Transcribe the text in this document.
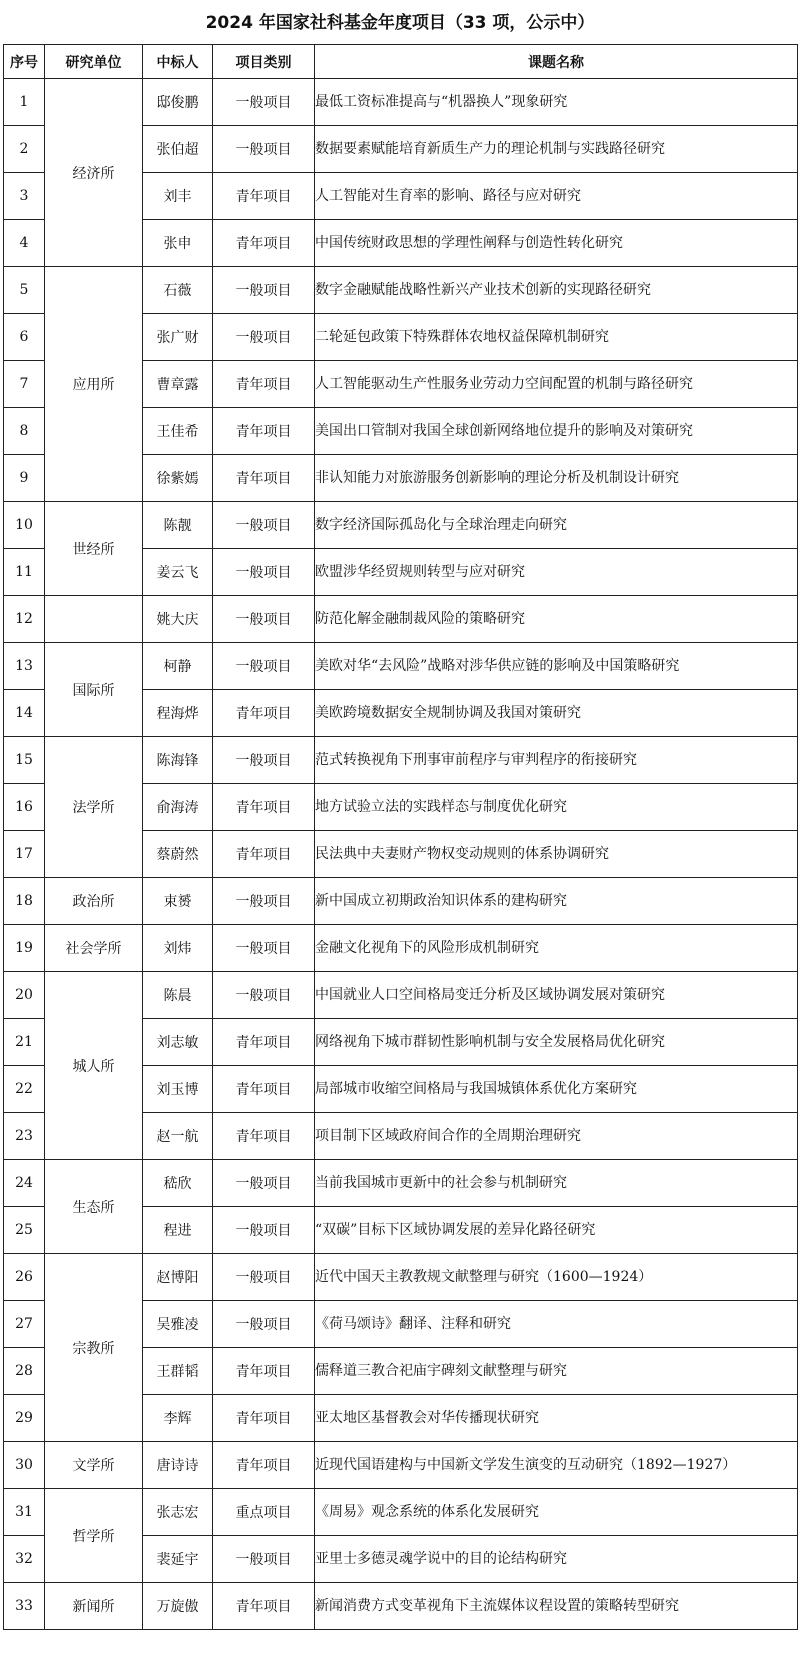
2024 年国家社科基金年度项目（33 项，公示中）
序号	研究单位	中标人	项目类别	课题名称
1	经济所	邸俊鹏	一般项目	最低工资标准提高与“机器换人”现象研究
2		张伯超	一般项目	数据要素赋能培育新质生产力的理论机制与实践路径研究
3		刘丰	青年项目	人工智能对生育率的影响、路径与应对研究
4		张申	青年项目	中国传统财政思想的学理性阐释与创造性转化研究
5	应用所	石薇	一般项目	数字金融赋能战略性新兴产业技术创新的实现路径研究
6		张广财	一般项目	二轮延包政策下特殊群体农地权益保障机制研究
7		曹章露	青年项目	人工智能驱动生产性服务业劳动力空间配置的机制与路径研究
8		王佳希	青年项目	美国出口管制对我国全球创新网络地位提升的影响及对策研究
9		徐紫嫣	青年项目	非认知能力对旅游服务创新影响的理论分析及机制设计研究
10	世经所	陈靓	一般项目	数字经济国际孤岛化与全球治理走向研究
11		姜云飞	一般项目	欧盟涉华经贸规则转型与应对研究
12		姚大庆	一般项目	防范化解金融制裁风险的策略研究
13	国际所	柯静	一般项目	美欧对华“去风险”战略对涉华供应链的影响及中国策略研究
14		程海烨	青年项目	美欧跨境数据安全规制协调及我国对策研究
15	法学所	陈海锋	一般项目	范式转换视角下刑事审前程序与审判程序的衔接研究
16		俞海涛	青年项目	地方试验立法的实践样态与制度优化研究
17		蔡蔚然	青年项目	民法典中夫妻财产物权变动规则的体系协调研究
18	政治所	束赟	一般项目	新中国成立初期政治知识体系的建构研究
19	社会学所	刘炜	一般项目	金融文化视角下的风险形成机制研究
20	城人所	陈晨	一般项目	中国就业人口空间格局变迁分析及区域协调发展对策研究
21		刘志敏	青年项目	网络视角下城市群韧性影响机制与安全发展格局优化研究
22		刘玉博	青年项目	局部城市收缩空间格局与我国城镇体系优化方案研究
23		赵一航	青年项目	项目制下区域政府间合作的全周期治理研究
24	生态所	嵇欣	一般项目	当前我国城市更新中的社会参与机制研究
25		程进	一般项目	“双碳”目标下区域协调发展的差异化路径研究
26	宗教所	赵博阳	一般项目	近代中国天主教教规文献整理与研究（1600—1924）
27		吴雅凌	一般项目	《荷马颂诗》翻译、注释和研究
28		王群韬	青年项目	儒释道三教合祀庙宇碑刻文献整理与研究
29		李辉	青年项目	亚太地区基督教会对华传播现状研究
30	文学所	唐诗诗	青年项目	近现代国语建构与中国新文学发生演变的互动研究（1892—1927）
31	哲学所	张志宏	重点项目	《周易》观念系统的体系化发展研究
32		裴延宇	一般项目	亚里士多德灵魂学说中的目的论结构研究
33	新闻所	万旋傲	青年项目	新闻消费方式变革视角下主流媒体议程设置的策略转型研究
